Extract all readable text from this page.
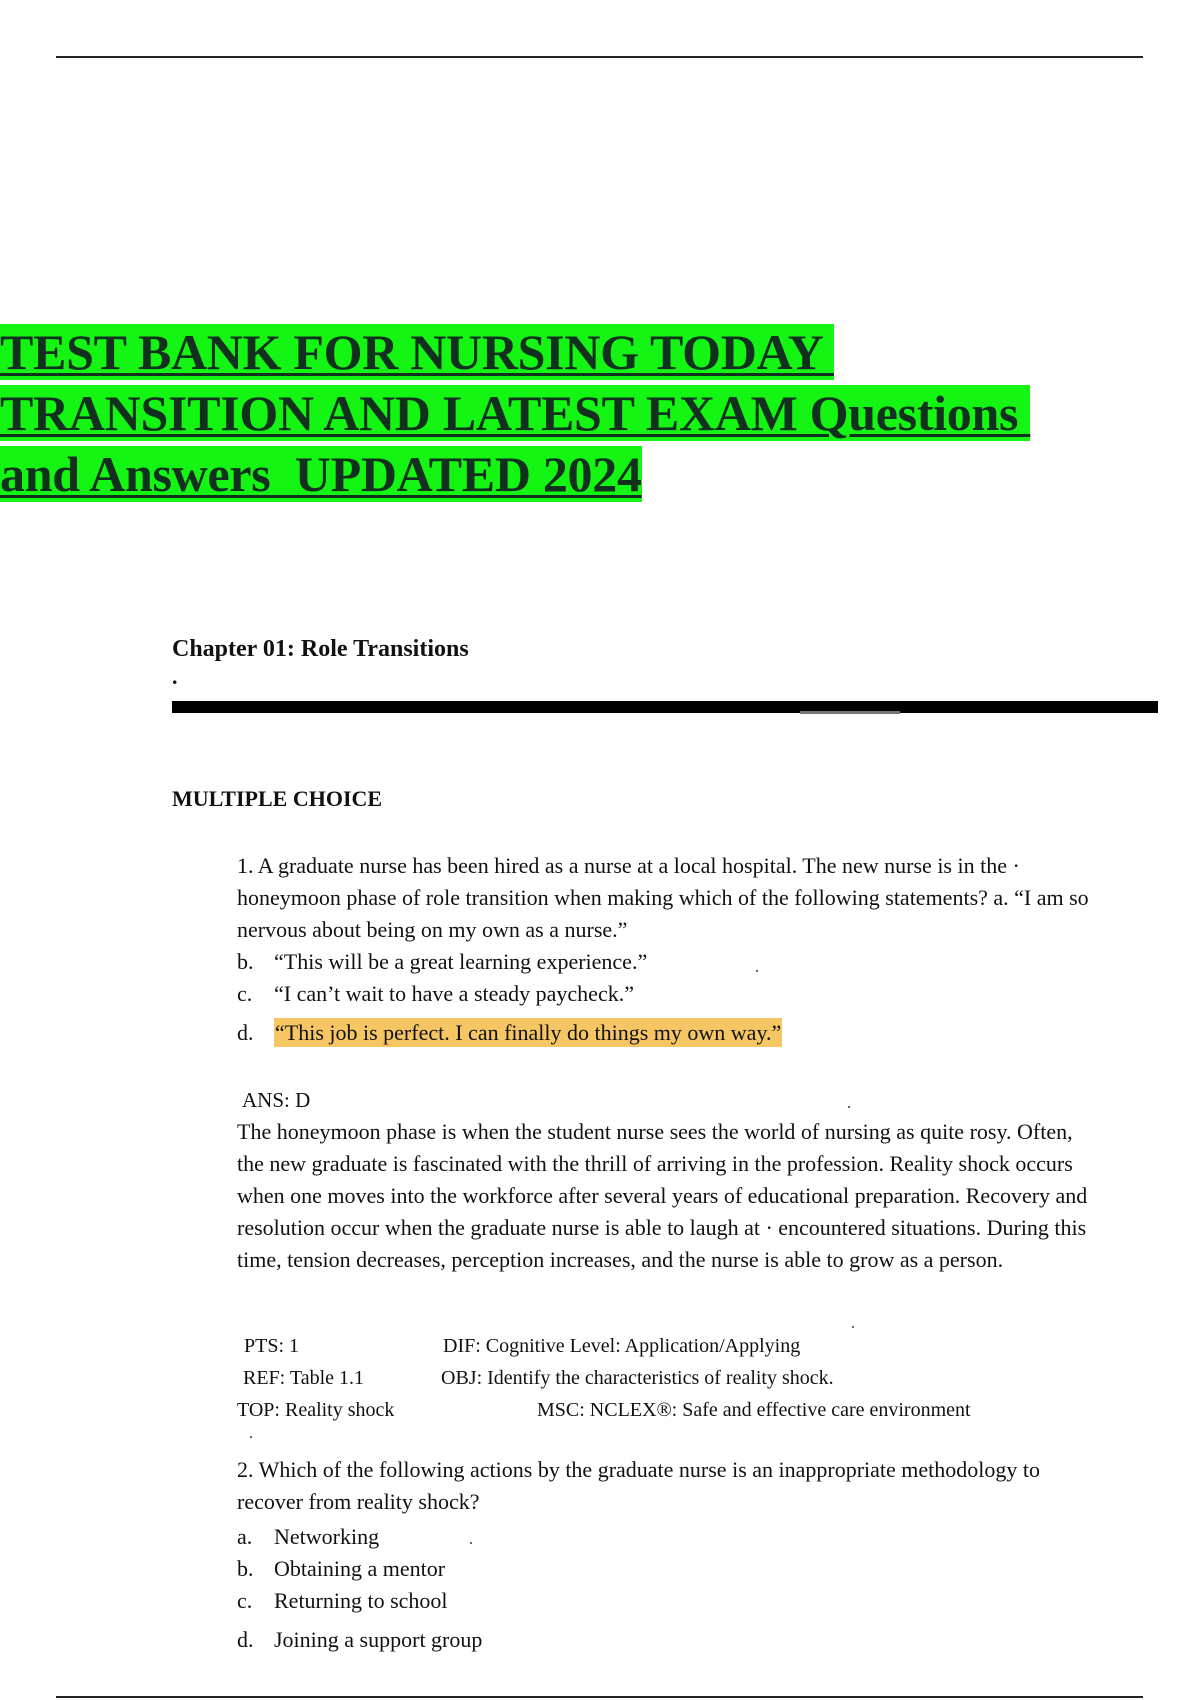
TEST BANK FOR NURSING TODAY
TRANSITION AND LATEST EXAM Questions
and Answers  UPDATED 2024
Chapter 01: Role Transitions
.
MULTIPLE CHOICE
1. A graduate nurse has been hired as a nurse at a local hospital. The new nurse is in the · honeymoon phase of role transition when making which of the following statements? a. “I am so nervous about being on my own as a nurse.”
b. “This will be a great learning experience.”
c. “I can’t wait to have a steady paycheck.”
d. “This job is perfect. I can finally do things my own way.”
ANS: D
The honeymoon phase is when the student nurse sees the world of nursing as quite rosy. Often, the new graduate is fascinated with the thrill of arriving in the profession. Reality shock occurs when one moves into the workforce after several years of educational preparation. Recovery and resolution occur when the graduate nurse is able to laugh at · encountered situations. During this time, tension decreases, perception increases, and the nurse is able to grow as a person.
PTS: 1	DIF: Cognitive Level: Application/Applying
REF: Table 1.1	OBJ: Identify the characteristics of reality shock.
TOP: Reality shock	MSC: NCLEX®: Safe and effective care environment
2. Which of the following actions by the graduate nurse is an inappropriate methodology to recover from reality shock?
a. Networking
b. Obtaining a mentor
c. Returning to school
d. Joining a support group
